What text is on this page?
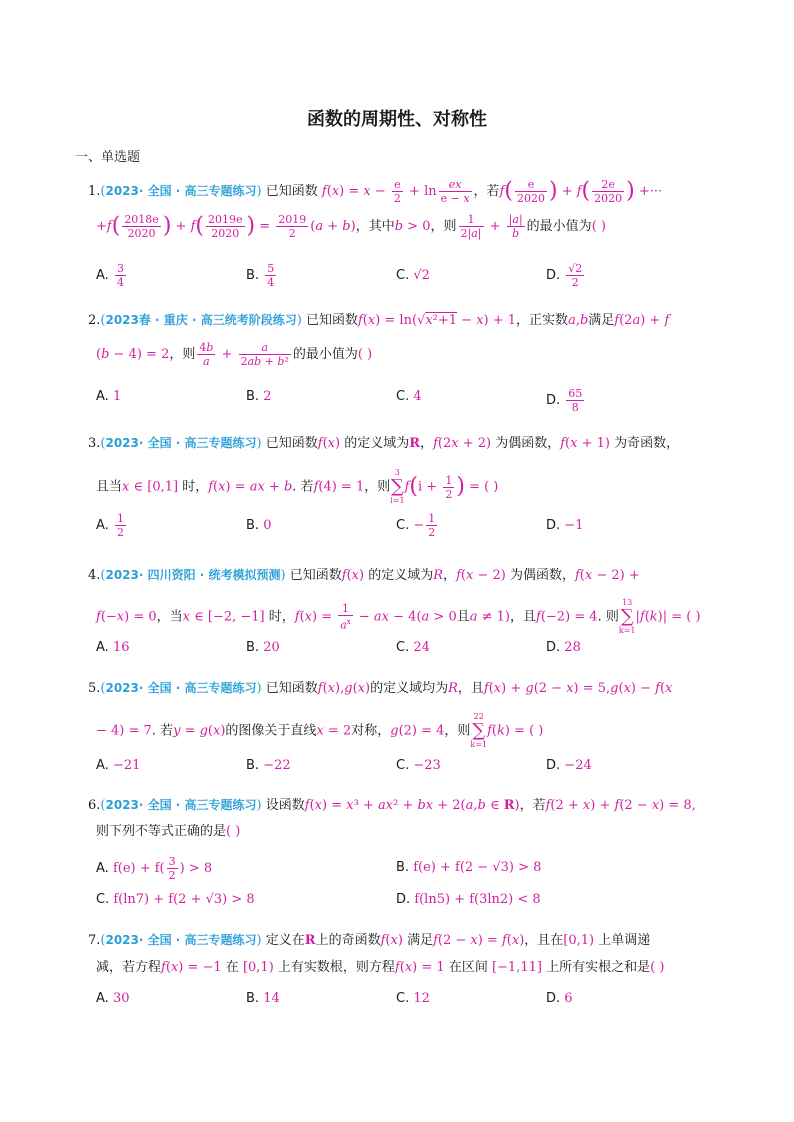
函数的周期性、对称性
一、单选题
1.(2023· 全国 · 高三专题练习) 已知函数 $f(x) = x - \frac{e}{2} + \ln \frac{ex}{e - x}$ ，若$f( \frac{e}{2020}$ ) + $f( \frac{2e}{2020}$ ) +···
$+f( \frac{2018e}{2020}$ ) + $f( \frac{2019e}{2020}$ ) = $\frac{2019}{2} (a + b)$，其中b > 0，则 $\frac{1}{2|a|} + \frac{|a|}{b}$ 的最小值为( )
A. $\frac{3}{4}$	B. $\frac{5}{4}$	C. √2	D. $\frac{√2}{2}$
2.(2023春 · 重庆 · 高三统考阶段练习) 已知函数f(x) = ln(√x²+1 − x) + 1，正实数a,b满足f(2a) + f
(b − 4) = 2，则 $\frac{4b}{a} + \frac{a}{\text{2ab + b²}}$ 的最小值为( )
A. 1	B. 2	C. 4	D. $\frac{65}{8}$
3.(2023· 全国 · 高三专题练习) 已知函数f(x) 的定义域为R，f(2x + 2) 为偶函数，f(x + 1) 为奇函数，
且当x ∈ [0,1] 时，f(x) = ax + b. 若f(4) = 1，则
3
∑
i=1
$f(i + \frac{1}{2}$ ) = ( )
A. $\frac{1}{2}$	B. 0	C. − $\frac{1}{2}$	D. −1
4.(2023· 四川资阳 · 统考模拟预测) 已知函数f(x) 的定义域为R，f(x − 2) 为偶函数，f(x − 2) +
f(−x) = 0，当x ∈ [−2, −1] 时，$f(x) = \frac{1}{a^x}$ − ax − 4(a > 0且a ≠ 1)，且f(−2) = 4. 则
13
∑
k=1
|f(k)| = ( )
A. 16	B. 20	C. 24	D. 28
5.(2023· 全国 · 高三专题练习) 已知函数f(x),g(x)的定义域均为R，且f(x) + g(2 − x) = 5,g(x) − f(x
− 4) = 7. 若y = g(x)的图像关于直线x = 2对称，g(2) = 4，则
22
∑
k=1
f(k) = ( )
A. −21	B. −22	C. −23	D. −24
6.(2023· 全国 · 高三专题练习) 设函数f(x) = x³ + ax² + bx + 2(a,b ∈ R)，若f(2 + x) + f(2 − x) = 8,
则下列不等式正确的是( )
A. $f(e) + f( \frac{3}{2}$ ) > 8	B. f(e) + f(2 − √3) > 8
C. f(ln7) + f(2 + √3) > 8	D. f(ln5) + f(3ln2) < 8
7.(2023· 全国 · 高三专题练习) 定义在R上的奇函数f(x) 满足f(2 − x) = f(x)，且在[0,1) 上单调递
减，若方程f(x) = −1 在 [0,1) 上有实数根，则方程f(x) = 1 在区间 [−1,11] 上所有实根之和是( )
A. 30	B. 14	C. 12	D. 6
